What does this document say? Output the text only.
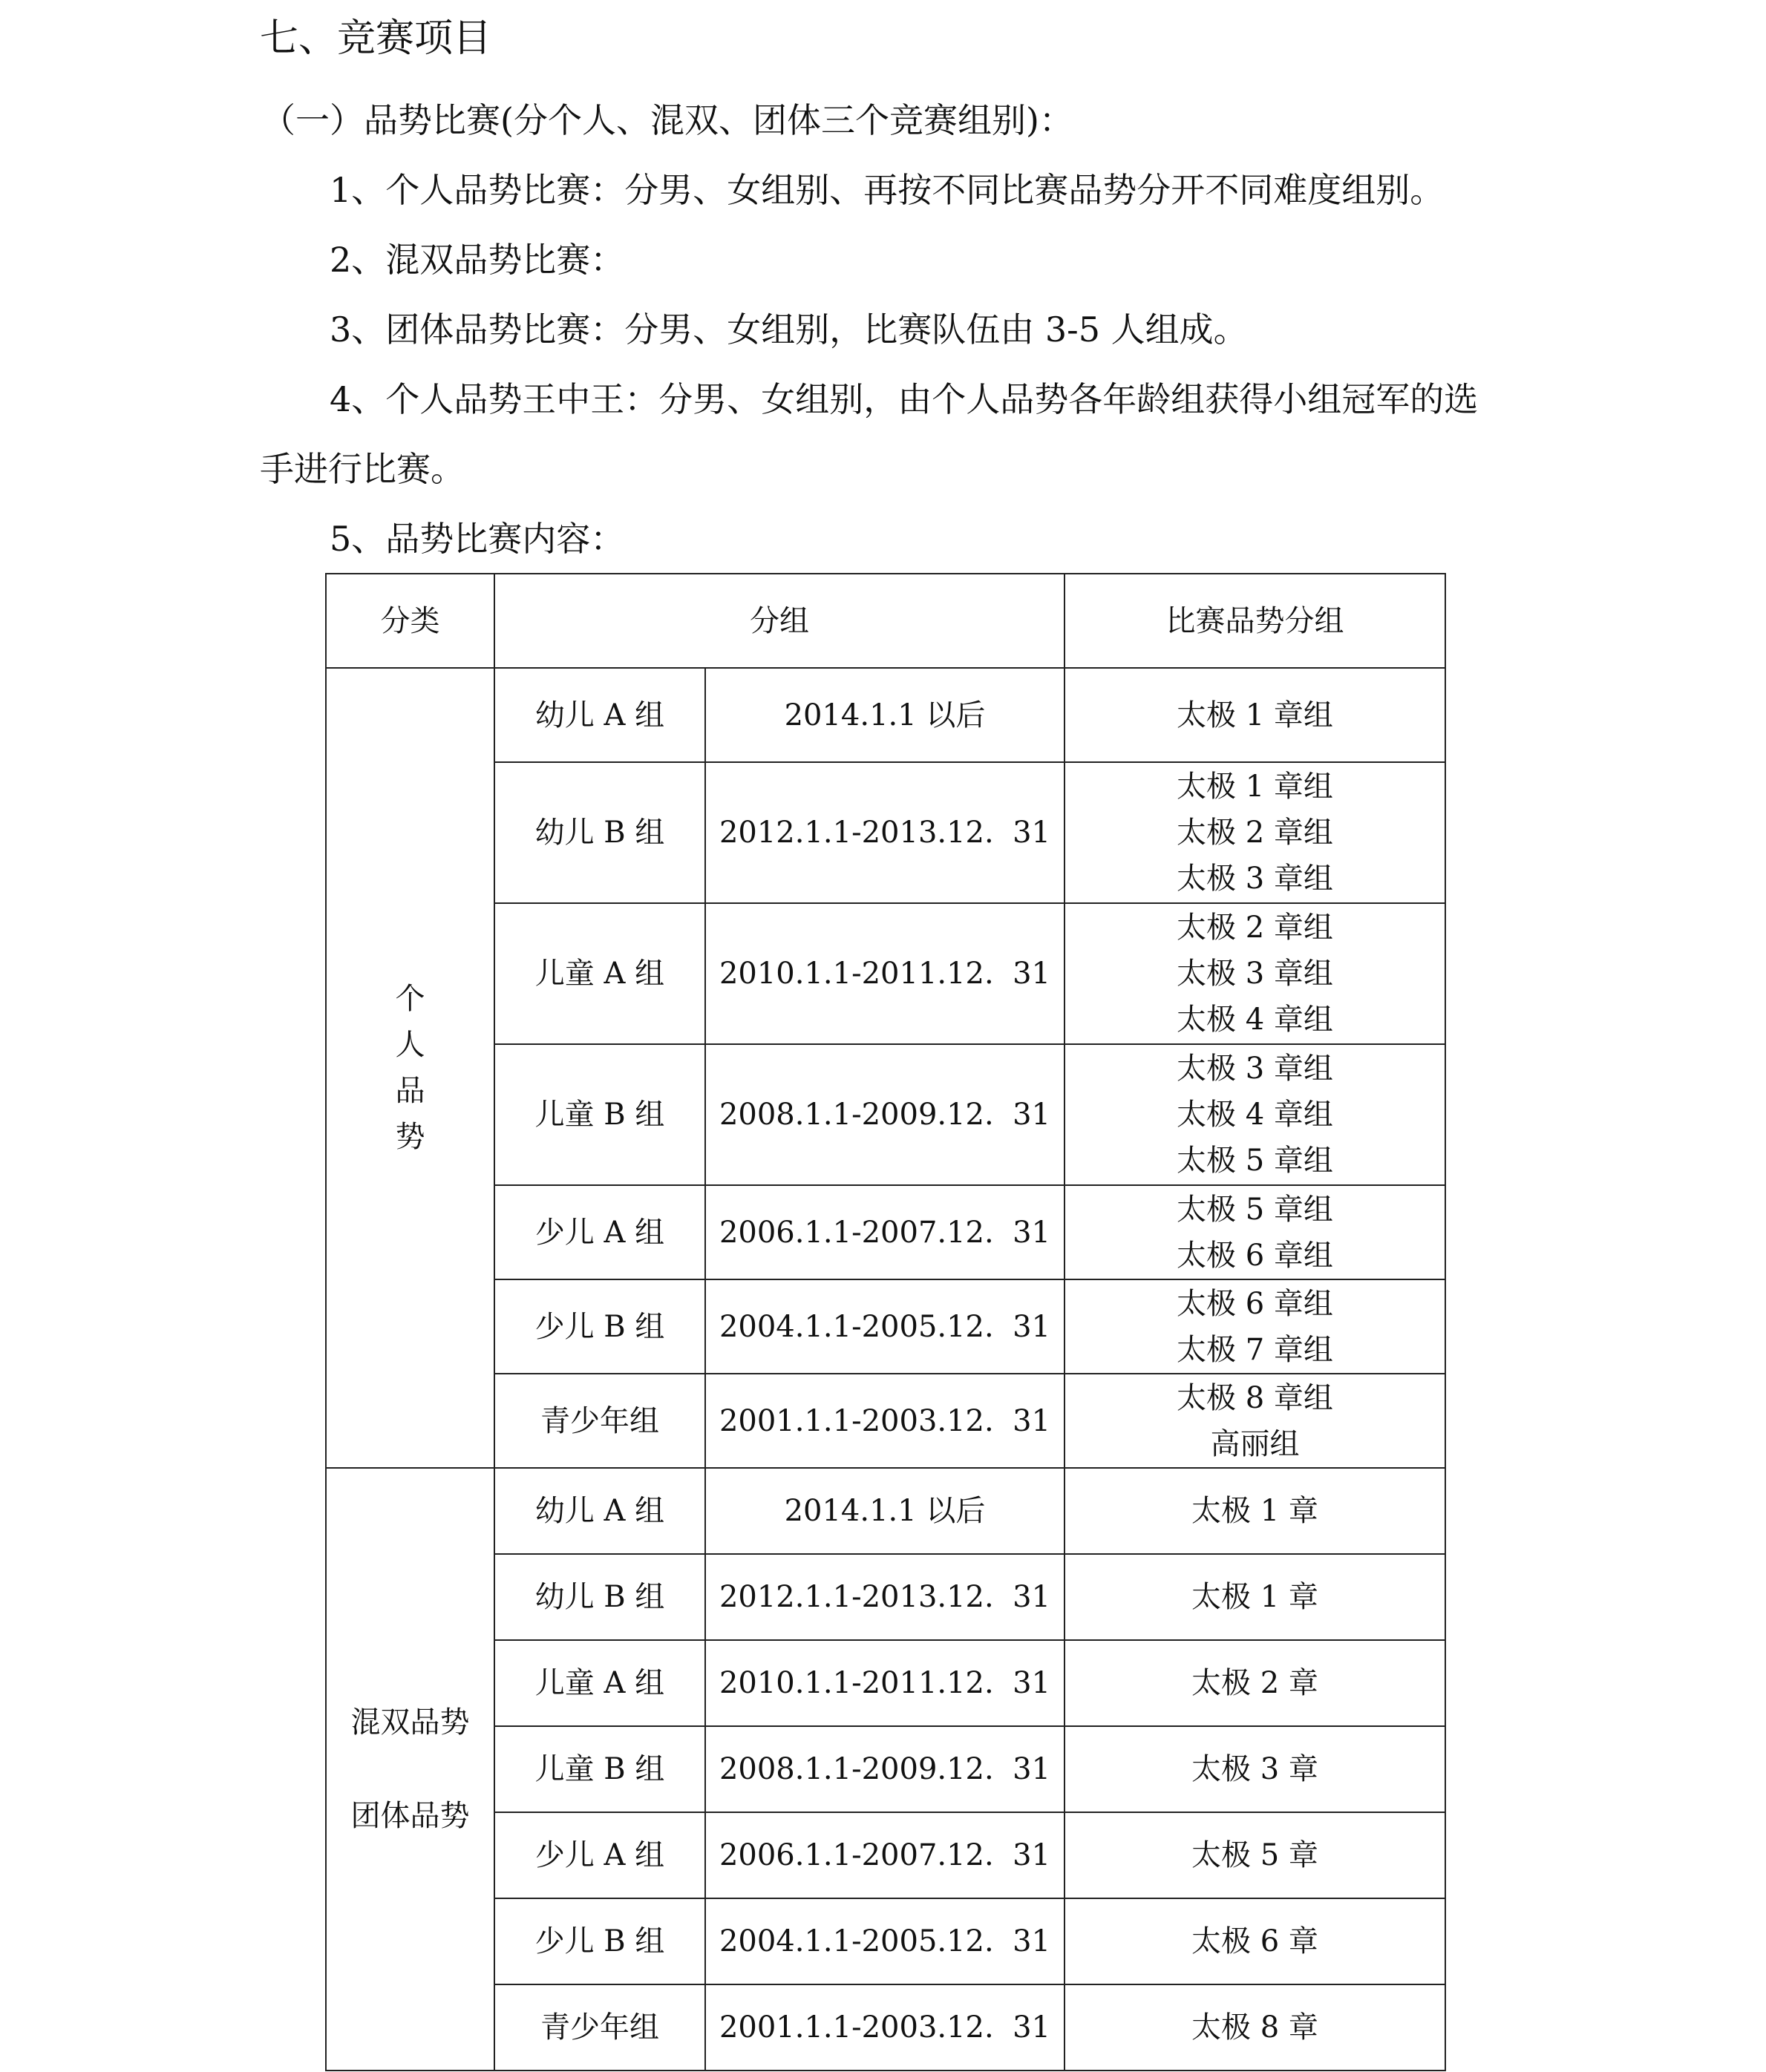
七、竞赛项目
（一）品势比赛(分个人、混双、团体三个竞赛组别)：
1、个人品势比赛：分男、女组别、再按不同比赛品势分开不同难度组别。
2、混双品势比赛：
3、团体品势比赛：分男、女组别，比赛队伍由 3-5 人组成。
4、个人品势王中王：分男、女组别，由个人品势各年龄组获得小组冠军的选
手进行比赛。
5、品势比赛内容：
分类	分组		比赛品势分组

个
人
品
势	幼儿 A 组	2014.1.1 以后	太极 1 章组

	幼儿 B 组	2012.1.1-2013.12.  31	太极 1 章组
太极 2 章组
太极 3 章组

	儿童 A 组	2010.1.1-2011.12.  31	太极 2 章组
太极 3 章组
太极 4 章组

	儿童 B 组	2008.1.1-2009.12.  31	太极 3 章组
太极 4 章组
太极 5 章组

	少儿 A 组	2006.1.1-2007.12.  31	太极 5 章组
太极 6 章组

	少儿 B 组	2004.1.1-2005.12.  31	太极 6 章组
太极 7 章组

	青少年组	2001.1.1-2003.12.  31	太极 8 章组
高丽组

混双品势
团体品势	幼儿 A 组	2014.1.1 以后	太极 1 章

	幼儿 B 组	2012.1.1-2013.12.  31	太极 1 章

	儿童 A 组	2010.1.1-2011.12.  31	太极 2 章

	儿童 B 组	2008.1.1-2009.12.  31	太极 3 章

	少儿 A 组	2006.1.1-2007.12.  31	太极 5 章

	少儿 B 组	2004.1.1-2005.12.  31	太极 6 章

	青少年组	2001.1.1-2003.12.  31	太极 8 章
